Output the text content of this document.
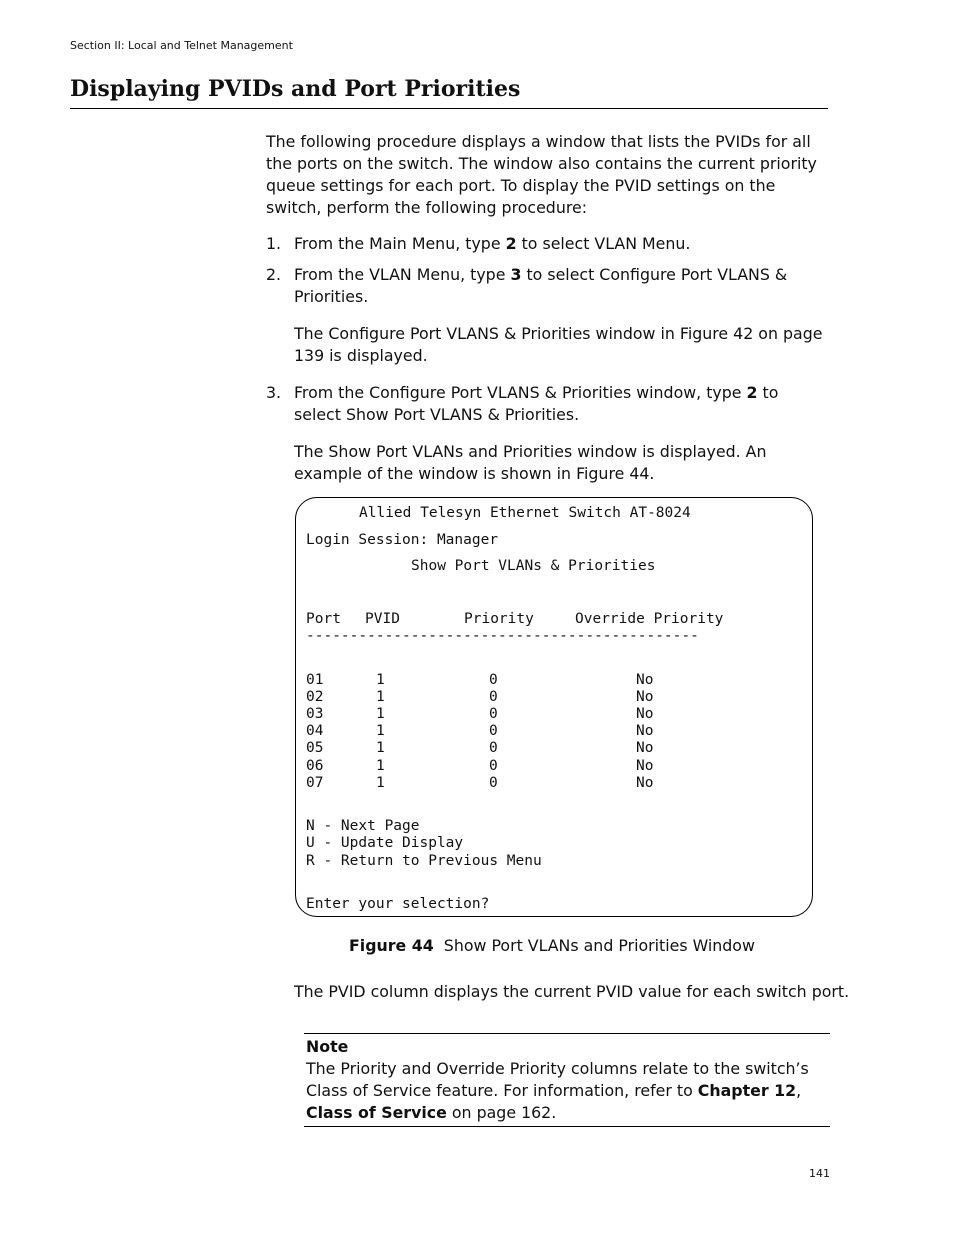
Section II: Local and Telnet Management
Displaying PVIDs and Port Priorities
The following procedure displays a window that lists the PVIDs for all the ports on the switch. The window also contains the current priority queue settings for each port. To display the PVID settings on the switch, perform the following procedure:
1. From the Main Menu, type 2 to select VLAN Menu.
2. From the VLAN Menu, type 3 to select Configure Port VLANS & Priorities.
The Configure Port VLANS & Priorities window in Figure 42 on page 139 is displayed.
3. From the Configure Port VLANS & Priorities window, type 2 to select Show Port VLANS & Priorities.
The Show Port VLANs and Priorities window is displayed. An example of the window is shown in Figure 44.
Allied Telesyn Ethernet Switch AT-8024
Login Session: Manager
Show Port VLANs & Priorities
Port PVID	Priority	Override Priority
---------------------------------------------
01	1	0	No
02	1	0	No
03	1	0	No
04	1	0	No
05	1	0	No
06	1	0	No
07	1	0	No
N - Next Page
U - Update Display
R - Return to Previous Menu
Enter your selection?
Figure 44 Show Port VLANs and Priorities Window
The PVID column displays the current PVID value for each switch port.
Note
The Priority and Override Priority columns relate to the switch’s Class of Service feature. For information, refer to Chapter 12, Class of Service on page 162.
141
